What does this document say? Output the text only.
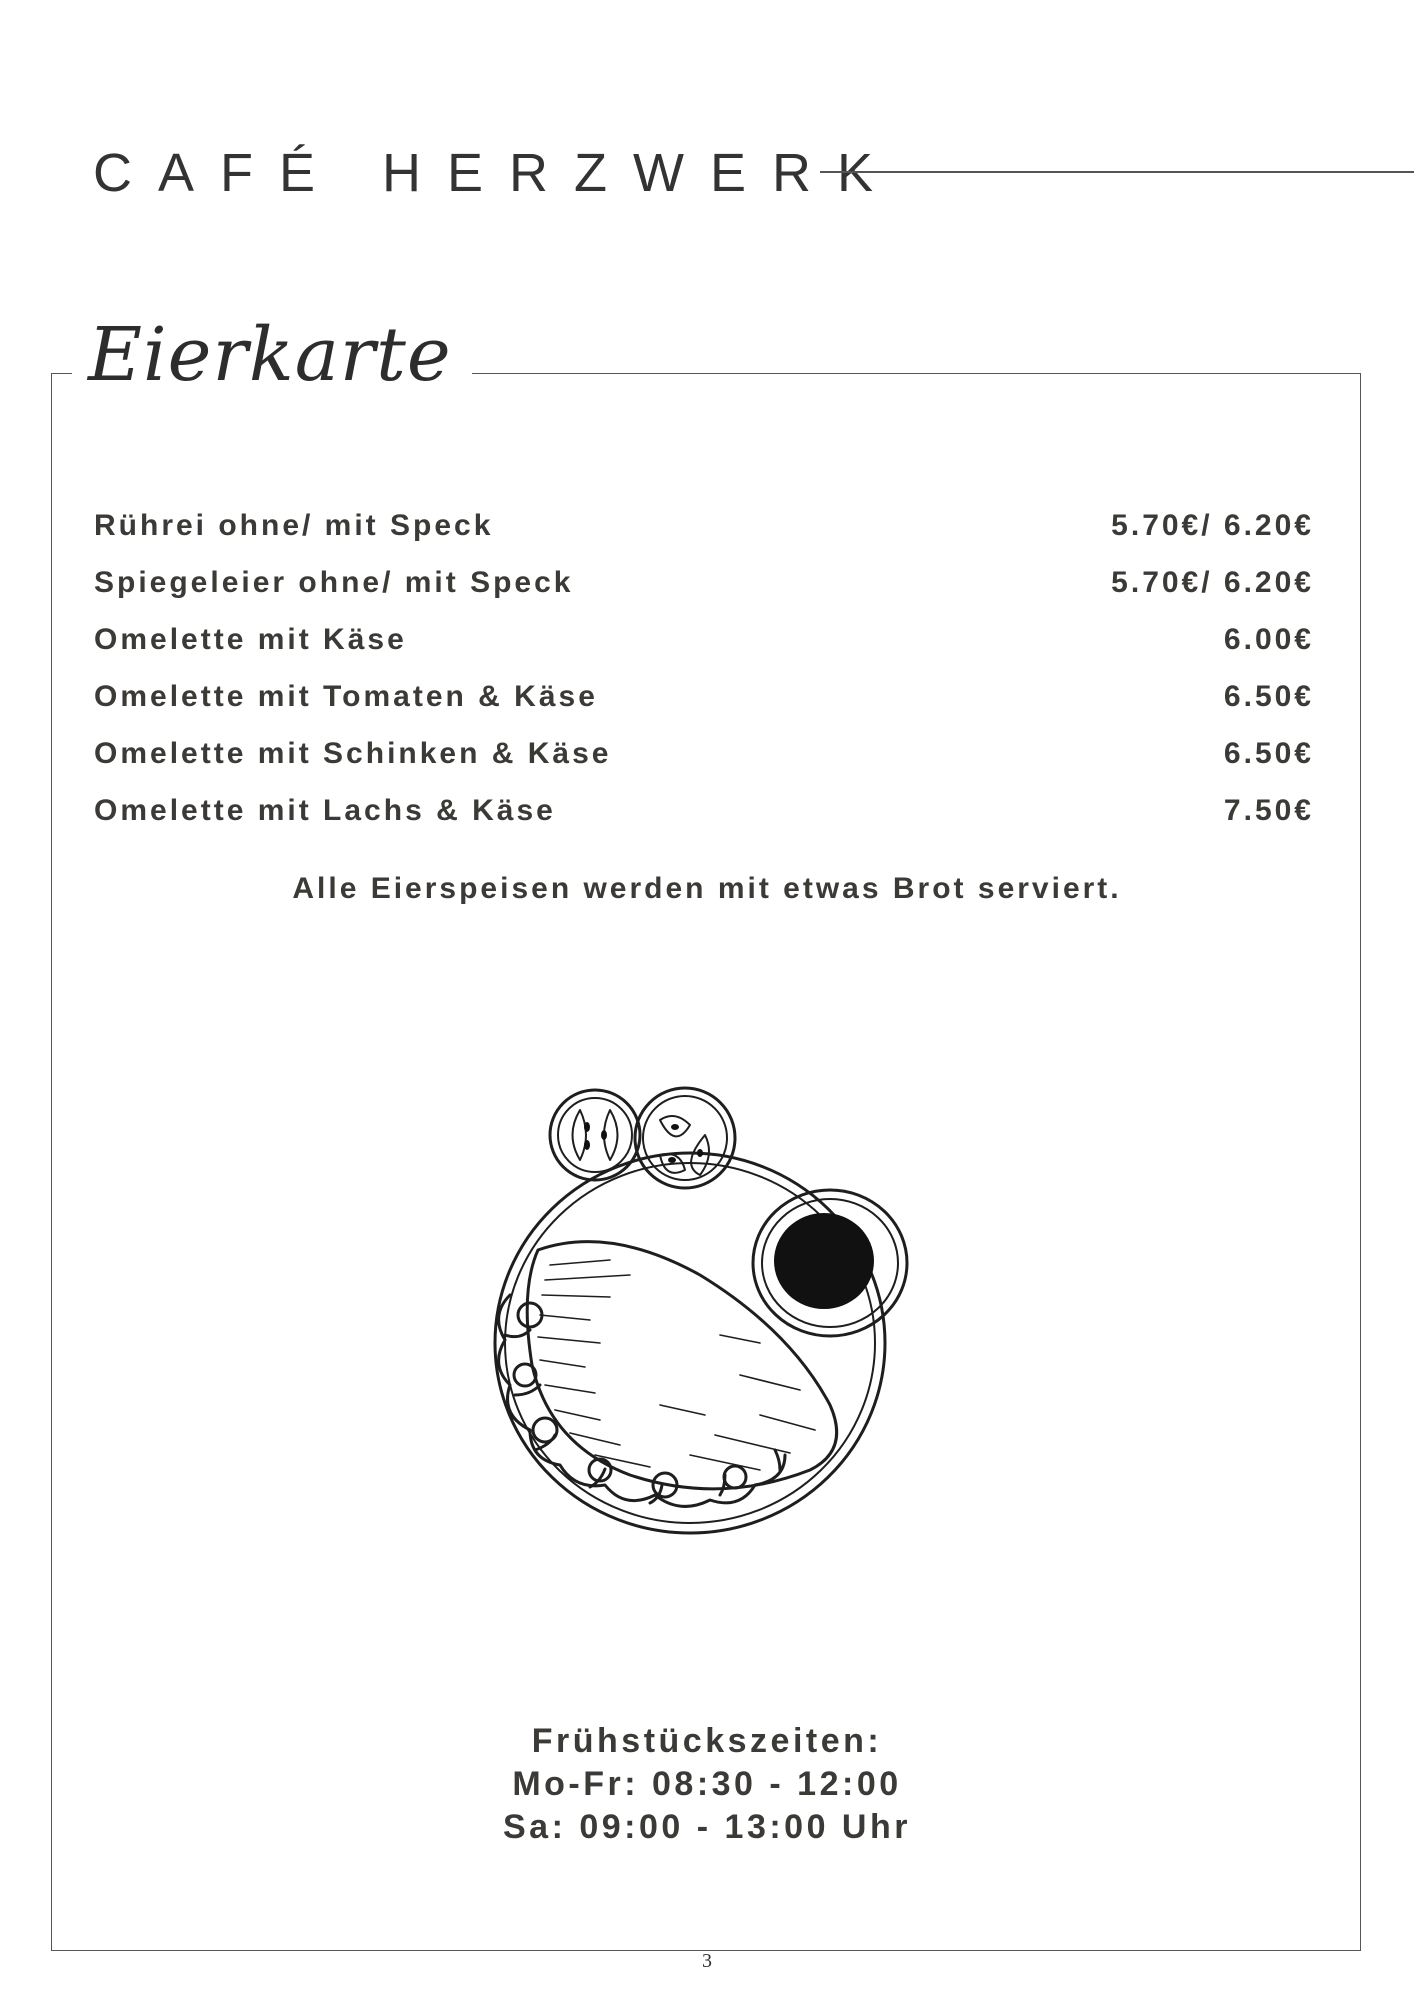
CAFÉ HERZWERK
Eierkarte
Rührei ohne/ mit Speck	5.70€/ 6.20€
Spiegeleier ohne/ mit Speck	5.70€/ 6.20€
Omelette mit Käse	6.00€
Omelette mit Tomaten & Käse	6.50€
Omelette mit Schinken & Käse	6.50€
Omelette mit Lachs & Käse	7.50€
Alle Eierspeisen werden mit etwas Brot serviert.
Frühstückszeiten:
Mo-Fr: 08:30 - 12:00
Sa: 09:00 - 13:00 Uhr
3
